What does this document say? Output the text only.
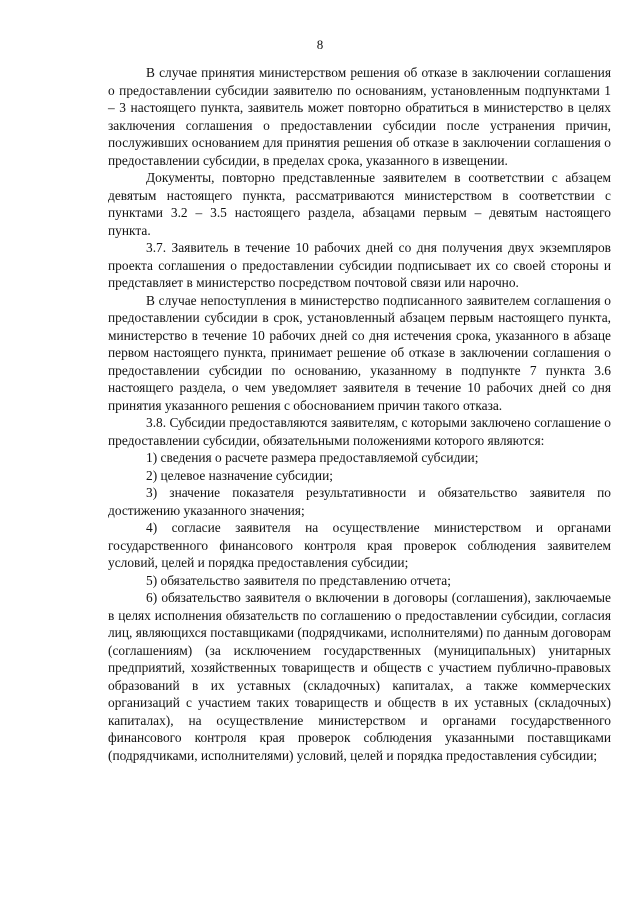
8

В случае принятия министерством решения об отказе в заключении соглашения о предоставлении субсидии заявителю по основаниям, установленным подпунктами 1 – 3 настоящего пункта, заявитель может повторно обратиться в министерство в целях заключения соглашения о предоставлении субсидии после устранения причин, послуживших основанием для принятия решения об отказе в заключении соглашения о предоставлении субсидии, в пределах срока, указанного в извещении.

Документы, повторно представленные заявителем в соответствии с абзацем девятым настоящего пункта, рассматриваются министерством в соответствии с пунктами 3.2 – 3.5 настоящего раздела, абзацами первым – девятым настоящего пункта.

3.7. Заявитель в течение 10 рабочих дней со дня получения двух экземпляров проекта соглашения о предоставлении субсидии подписывает их со своей стороны и представляет в министерство посредством почтовой связи или нарочно.

В случае непоступления в министерство подписанного заявителем соглашения о предоставлении субсидии в срок, установленный абзацем первым настоящего пункта, министерство в течение 10 рабочих дней со дня истечения срока, указанного в абзаце первом настоящего пункта, принимает решение об отказе в заключении соглашения о предоставлении субсидии по основанию, указанному в подпункте 7 пункта 3.6 настоящего раздела, о чем уведомляет заявителя в течение 10 рабочих дней со дня принятия указанного решения с обоснованием причин такого отказа.

3.8. Субсидии предоставляются заявителям, с которыми заключено соглашение о предоставлении субсидии, обязательными положениями которого являются:

1) сведения о расчете размера предоставляемой субсидии;

2) целевое назначение субсидии;

3) значение показателя результативности и обязательство заявителя по достижению указанного значения;

4) согласие заявителя на осуществление министерством и органами государственного финансового контроля края проверок соблюдения заявителем условий, целей и порядка предоставления субсидии;

5) обязательство заявителя по представлению отчета;

6) обязательство заявителя о включении в договоры (соглашения), заключаемые в целях исполнения обязательств по соглашению о предоставлении субсидии, согласия лиц, являющихся поставщиками (подрядчиками, исполнителями) по данным договорам (соглашениям) (за исключением государственных (муниципальных) унитарных предприятий, хозяйственных товариществ и обществ с участием публично-правовых образований в их уставных (складочных) капиталах, а также коммерческих организаций с участием таких товариществ и обществ в их уставных (складочных) капиталах), на осуществление министерством и органами государственного финансового контроля края проверок соблюдения указанными поставщиками (подрядчиками, исполнителями) условий, целей и порядка предоставления субсидии;
